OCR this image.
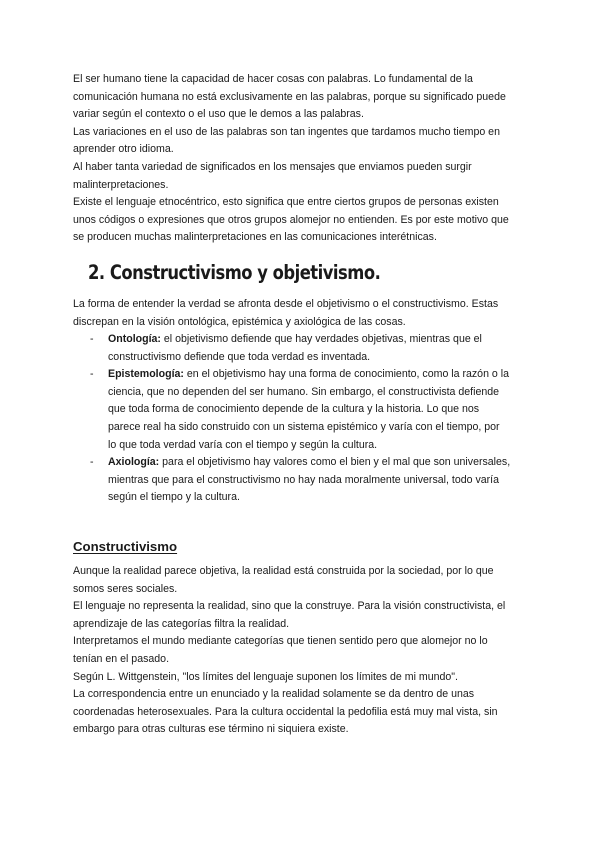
El ser humano tiene la capacidad de hacer cosas con palabras. Lo fundamental de la

comunicación humana no está exclusivamente en las palabras, porque su significado puede

variar según el contexto o el uso que le demos a las palabras.

Las variaciones en el uso de las palabras son tan ingentes que tardamos mucho tiempo en

aprender otro idioma.

Al haber tanta variedad de significados en los mensajes que enviamos pueden surgir

malinterpretaciones.

Existe el lenguaje etnocéntrico, esto significa que entre ciertos grupos de personas existen

unos códigos o expresiones que otros grupos alomejor no entienden. Es por este motivo que

se producen muchas malinterpretaciones en las comunicaciones interétnicas.

2. Constructivismo y objetivismo.

La forma de entender la verdad se afronta desde el objetivismo o el constructivismo. Estas

discrepan en la visión ontológica, epistémica y axiológica de las cosas.

- Ontología: el objetivismo defiende que hay verdades objetivas, mientras que el

constructivismo defiende que toda verdad es inventada.

- Epistemología: en el objetivismo hay una forma de conocimiento, como la razón o la

ciencia, que no dependen del ser humano. Sin embargo, el constructivista defiende

que toda forma de conocimiento depende de la cultura y la historia. Lo que nos

parece real ha sido construido con un sistema epistémico y varía con el tiempo, por

lo que toda verdad varía con el tiempo y según la cultura.

- Axiología: para el objetivismo hay valores como el bien y el mal que son universales,

mientras que para el constructivismo no hay nada moralmente universal, todo varía

según el tiempo y la cultura.

Constructivismo

Aunque la realidad parece objetiva, la realidad está construida por la sociedad, por lo que

somos seres sociales.

El lenguaje no representa la realidad, sino que la construye. Para la visión constructivista, el

aprendizaje de las categorías filtra la realidad.

Interpretamos el mundo mediante categorías que tienen sentido pero que alomejor no lo

tenían en el pasado.

Según L. Wittgenstein, "los límites del lenguaje suponen los límites de mi mundo".

La correspondencia entre un enunciado y la realidad solamente se da dentro de unas

coordenadas heterosexuales. Para la cultura occidental la pedofilia está muy mal vista, sin

embargo para otras culturas ese término ni siquiera existe.
